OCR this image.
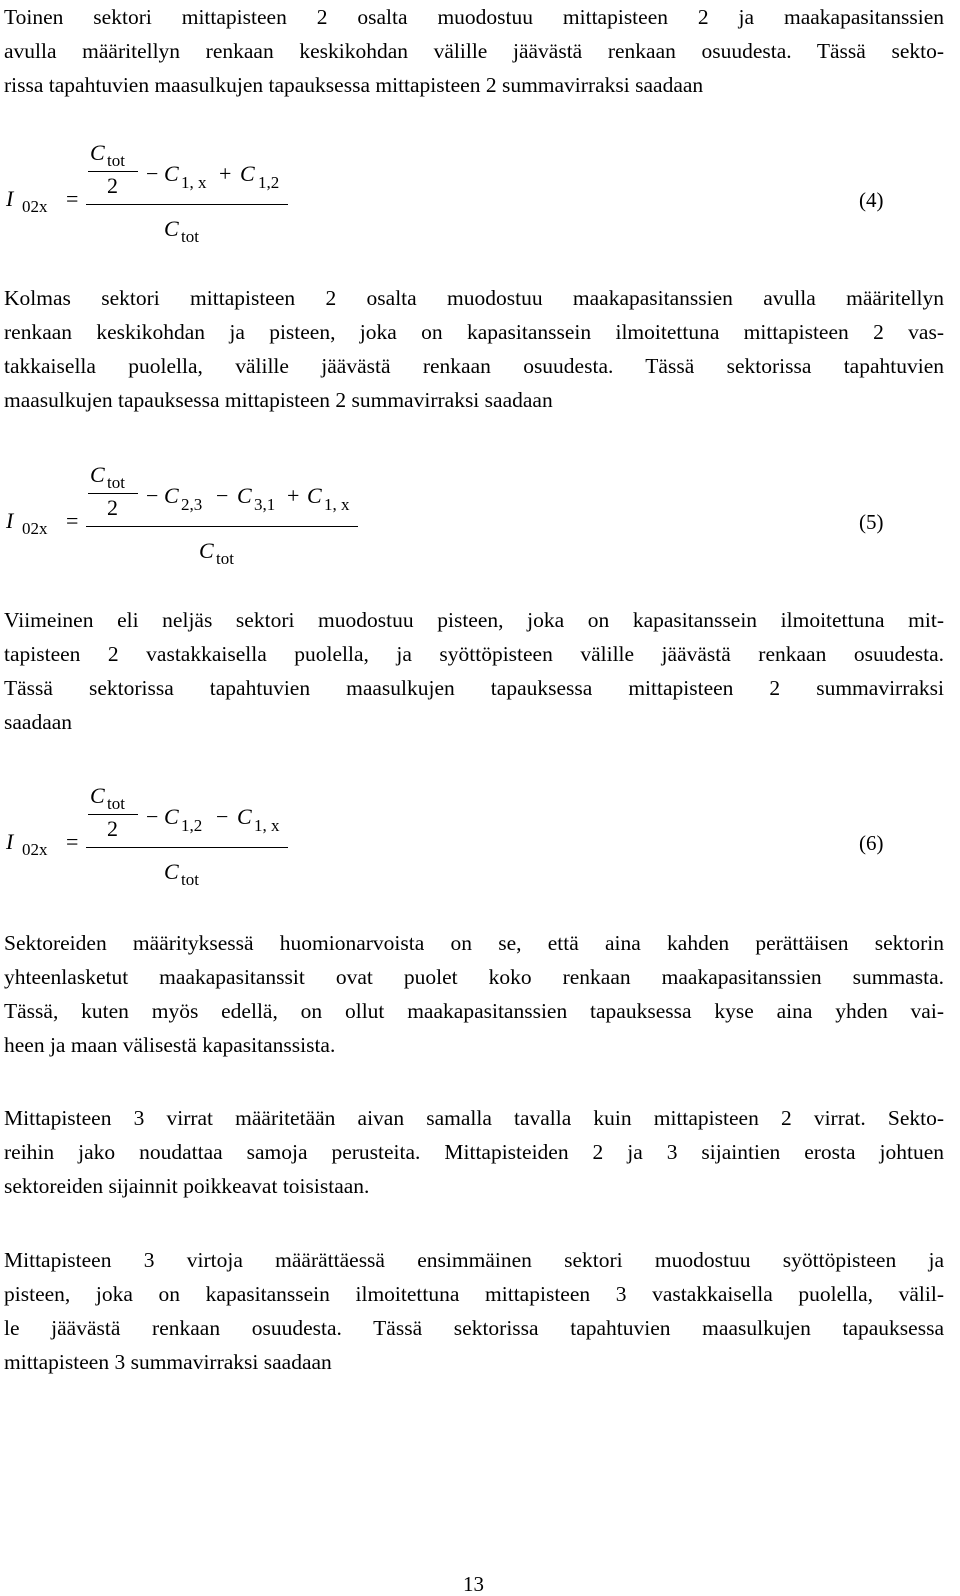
Toinen sektori mittapisteen 2 osalta muodostuu mittapisteen 2 ja maakapasitanssien
avulla määritellyn renkaan keskikohdan välille jäävästä renkaan osuudesta. Tässä sekto-
rissa tapahtuvien maasulkujen tapauksessa mittapisteen 2 summavirraksi saadaan
I 02x =
C tot
2 − C 1, x + C 1,2
C tot
(4)
Kolmas sektori mittapisteen 2 osalta muodostuu maakapasitanssien avulla määritellyn
renkaan keskikohdan ja pisteen, joka on kapasitanssein ilmoitettuna mittapisteen 2 vas-
takkaisella puolella, välille jäävästä renkaan osuudesta. Tässä sektorissa tapahtuvien
maasulkujen tapauksessa mittapisteen 2 summavirraksi saadaan
I 02x =
C tot
2 − C 2,3 − C 3,1 + C 1, x
C tot
(5)
Viimeinen eli neljäs sektori muodostuu pisteen, joka on kapasitanssein ilmoitettuna mit-
tapisteen 2 vastakkaisella puolella, ja syöttöpisteen välille jäävästä renkaan osuudesta.
Tässä sektorissa tapahtuvien maasulkujen tapauksessa mittapisteen 2 summavirraksi
saadaan
I 02x =
C tot
2 − C 1,2 − C 1, x
C tot
(6)
Sektoreiden määrityksessä huomionarvoista on se, että aina kahden perättäisen sektorin
yhteenlasketut maakapasitanssit ovat puolet koko renkaan maakapasitanssien summasta.
Tässä, kuten myös edellä, on ollut maakapasitanssien tapauksessa kyse aina yhden vai-
heen ja maan välisestä kapasitanssista.
Mittapisteen 3 virrat määritetään aivan samalla tavalla kuin mittapisteen 2 virrat. Sekto-
reihin jako noudattaa samoja perusteita. Mittapisteiden 2 ja 3 sijaintien erosta johtuen
sektoreiden sijainnit poikkeavat toisistaan.
Mittapisteen 3 virtoja määrättäessä ensimmäinen sektori muodostuu syöttöpisteen ja
pisteen, joka on kapasitanssein ilmoitettuna mittapisteen 3 vastakkaisella puolella, välil-
le jäävästä renkaan osuudesta. Tässä sektorissa tapahtuvien maasulkujen tapauksessa
mittapisteen 3 summavirraksi saadaan
13
